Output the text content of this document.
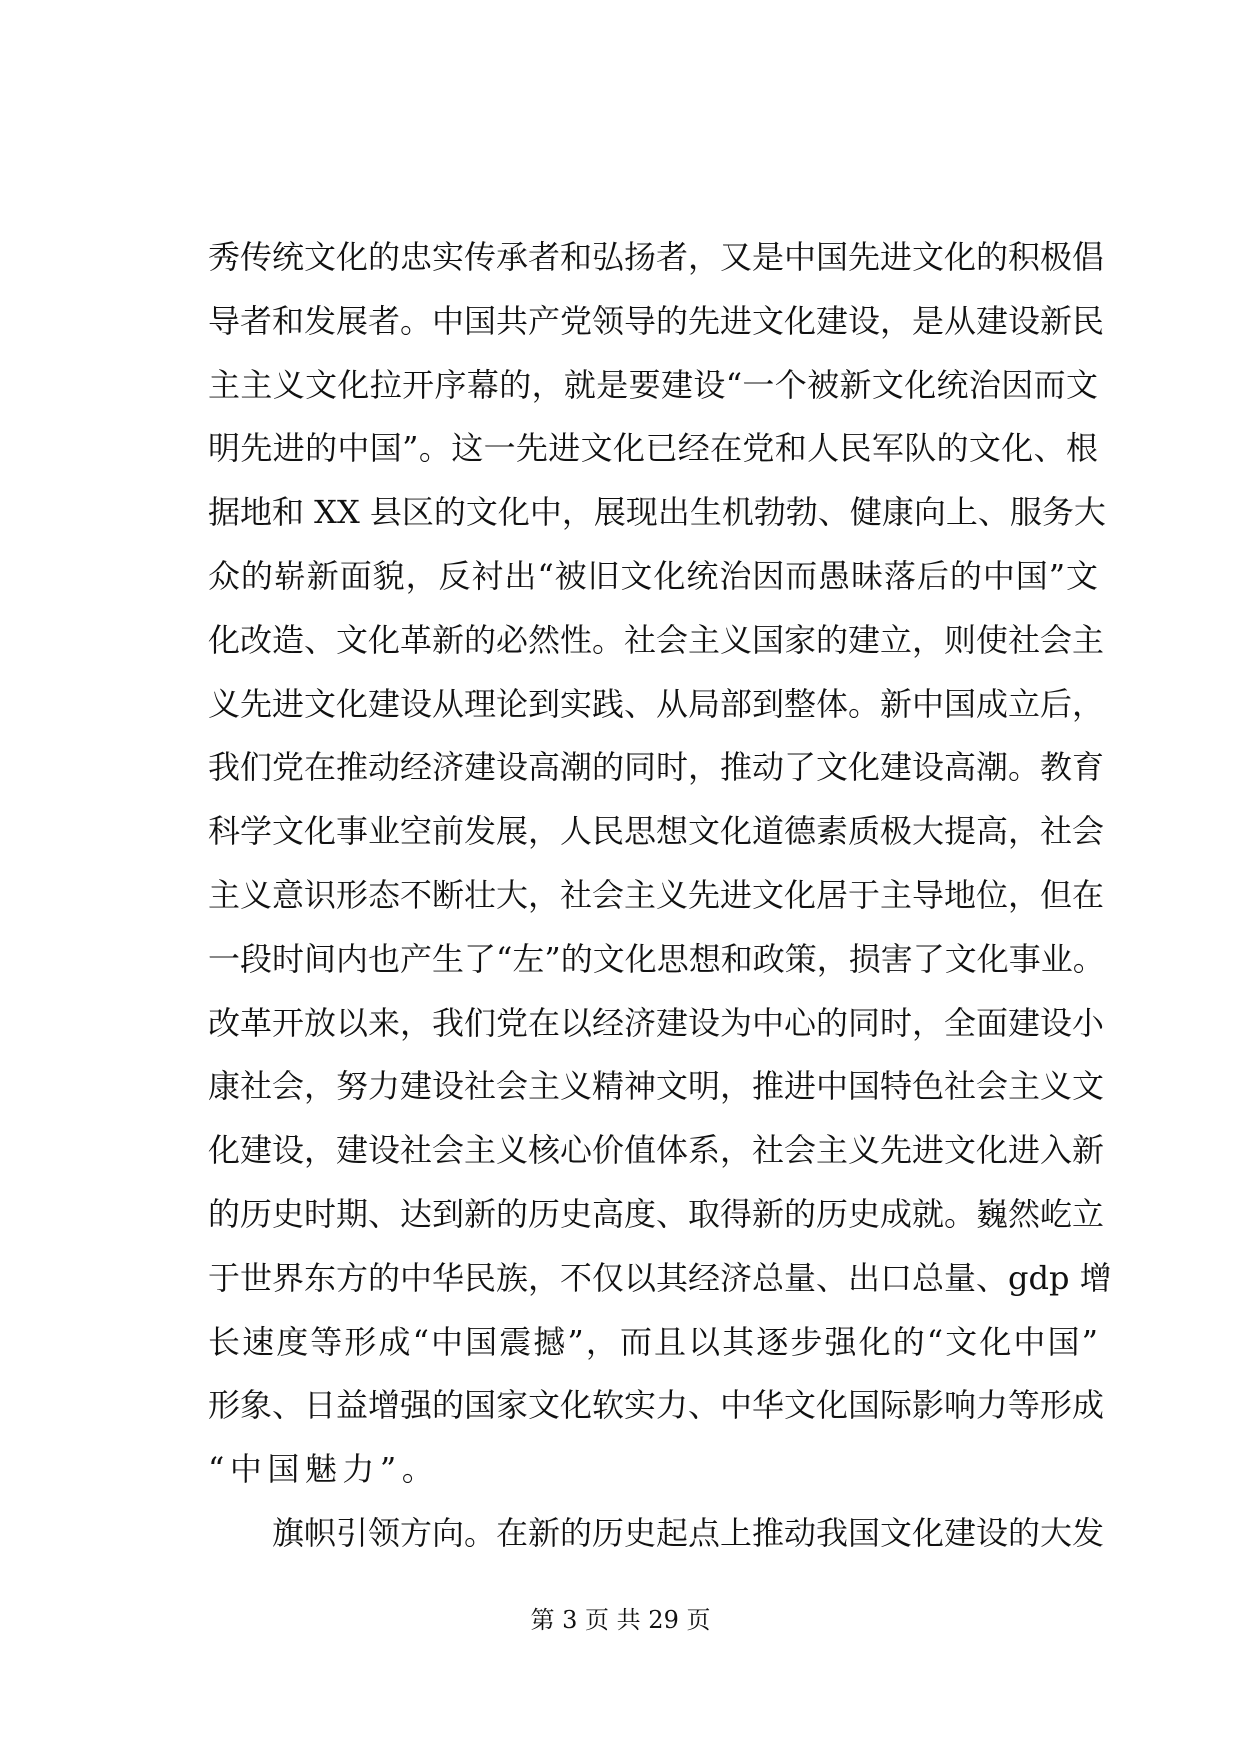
秀传统文化的忠实传承者和弘扬者，又是中国先进文化的积极倡
导者和发展者。中国共产党领导的先进文化建设，是从建设新民
主主义文化拉开序幕的，就是要建设“一个被新文化统治因而文
明先进的中国”。这一先进文化已经在党和人民军队的文化、根
据地和 XX 县区的文化中，展现出生机勃勃、健康向上、服务大
众的崭新面貌，反衬出“被旧文化统治因而愚昧落后的中国”文
化改造、文化革新的必然性。社会主义国家的建立，则使社会主
义先进文化建设从理论到实践、从局部到整体。新中国成立后，
我们党在推动经济建设高潮的同时，推动了文化建设高潮。教育
科学文化事业空前发展，人民思想文化道德素质极大提高，社会
主义意识形态不断壮大，社会主义先进文化居于主导地位，但在
一段时间内也产生了“左”的文化思想和政策，损害了文化事业。
改革开放以来，我们党在以经济建设为中心的同时，全面建设小
康社会，努力建设社会主义精神文明，推进中国特色社会主义文
化建设，建设社会主义核心价值体系，社会主义先进文化进入新
的历史时期、达到新的历史高度、取得新的历史成就。巍然屹立
于世界东方的中华民族，不仅以其经济总量、出口总量、gdp 增
长速度等形成“中国震撼”，而且以其逐步强化的“文化中国”
形象、日益增强的国家文化软实力、中华文化国际影响力等形成
“中国魅力”。
旗帜引领方向。在新的历史起点上推动我国文化建设的大发
第 3 页 共 29 页
